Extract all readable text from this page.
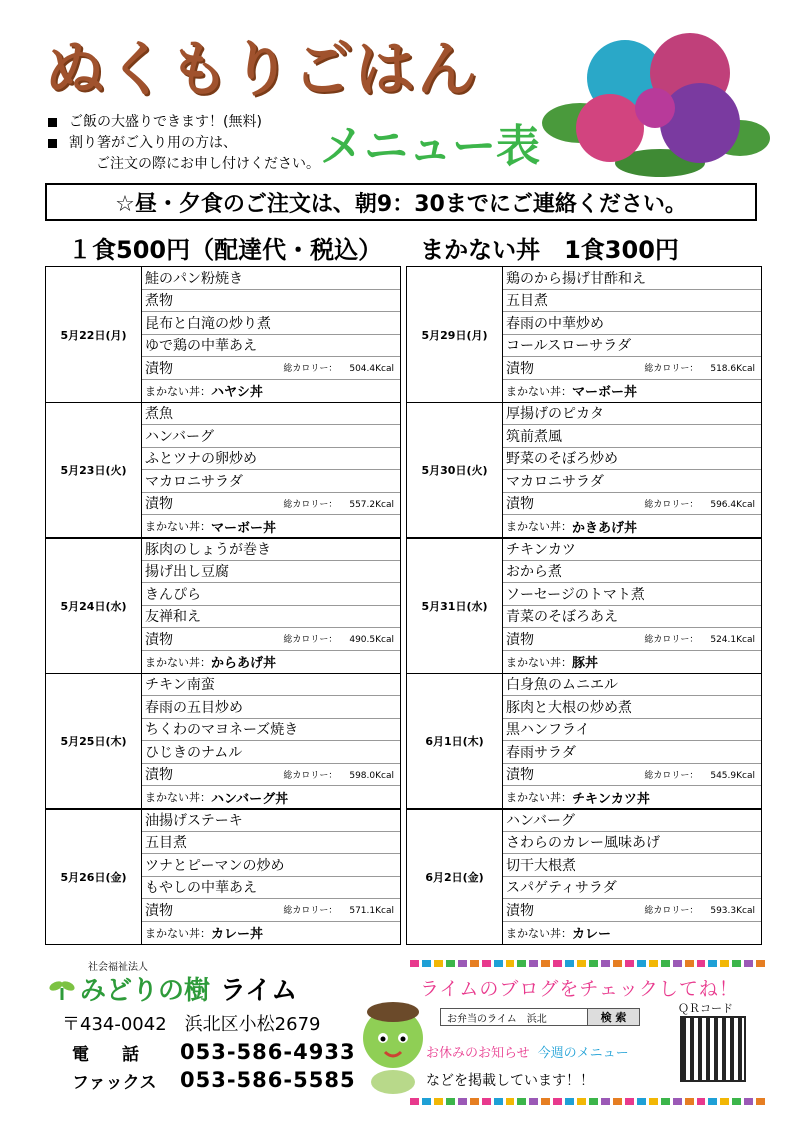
ぬくもりごはん
メニュー表
ご飯の大盛りできます！(無料)
割り箸がご入り用の方は、
ご注文の際にお申し付けください。
☆昼・夕食のご注文は、朝9：30までにご連絡ください。
１食500円（配達代・税込） まかない丼　1食300円
5月22日(月)
鮭のパン粉焼き
煮物
昆布と白滝の炒り煮
ゆで鶏の中華あえ
漬物	総カロリー： 504.4Kcal
まかない丼： ハヤシ丼
5月23日(火)
煮魚
ハンバーグ
ふとツナの卵炒め
マカロニサラダ
漬物	総カロリー： 557.2Kcal
まかない丼： マーボー丼
5月24日(水)
豚肉のしょうが巻き
揚げ出し豆腐
きんぴら
友禅和え
漬物	総カロリー： 490.5Kcal
まかない丼： からあげ丼
5月25日(木)
チキン南蛮
春雨の五目炒め
ちくわのマヨネーズ焼き
ひじきのナムル
漬物	総カロリー： 598.0Kcal
まかない丼： ハンバーグ丼
5月26日(金)
油揚げステーキ
五目煮
ツナとピーマンの炒め
もやしの中華あえ
漬物	総カロリー： 571.1Kcal
まかない丼： カレー丼
5月29日(月)
鶏のから揚げ甘酢和え
五目煮
春雨の中華炒め
コールスローサラダ
漬物	総カロリー： 518.6Kcal
まかない丼： マーボー丼
5月30日(火)
厚揚げのピカタ
筑前煮風
野菜のそぼろ炒め
マカロニサラダ
漬物	総カロリー： 596.4Kcal
まかない丼： かきあげ丼
5月31日(水)
チキンカツ
おから煮
ソーセージのトマト煮
青菜のそぼろあえ
漬物	総カロリー： 524.1Kcal
まかない丼： 豚丼
6月1日(木)
白身魚のムニエル
豚肉と大根の炒め煮
黒ハンフライ
春雨サラダ
漬物	総カロリー： 545.9Kcal
まかない丼： チキンカツ丼
6月2日(金)
ハンバーグ
さわらのカレー風味あげ
切干大根煮
スパゲティサラダ
漬物	総カロリー： 593.3Kcal
まかない丼： カレー
社会福祉法人
みどりの樹 ライム
〒434-0042　浜北区小松2679
電　話	053-586-4933
ファックス	053-586-5585
ライムのブログをチェックしてね！
お弁当のライム　浜北	検 索
ＱＲコード
お休みのお知らせ 今週のメニュー
などを掲載しています！！
